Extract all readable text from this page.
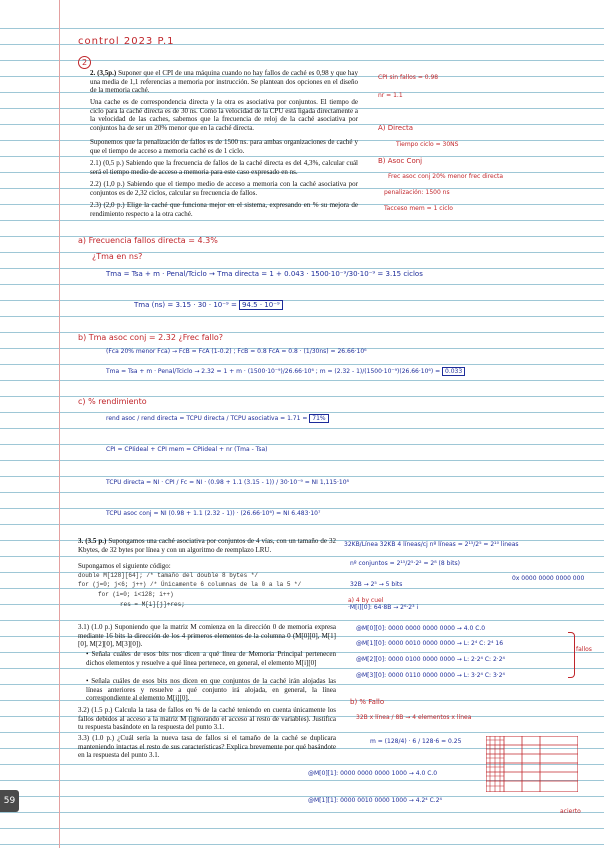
control 2023 P.1
2
2. (3,5p.) Suponer que el CPI de una máquina cuando no hay fallos de caché es 0,98 y que hay una media de 1,1 referencias a memoria por instrucción. Se plantean dos opciones en el diseño de la memoria caché.
Una cache es de correspondencia directa y la otra es asociativa por conjuntos. El tiempo de ciclo para la caché directa es de 30 ns. Como la velocidad de la CPU está ligada directamente a la velocidad de las caches, sabemos que la frecuencia de reloj de la caché asociativa por conjuntos ha de ser un 20% menor que en la caché directa.
Suponemos que la penalización de fallos es de 1500 ns. para ambas organizaciones de caché y que el tiempo de acceso a memoria caché es de 1 ciclo.
2.1) (0,5 p.) Sabiendo que la frecuencia de fallos de la caché directa es del 4,3%, calcular cuál será el tiempo medio de acceso a memoria para este caso expresado en ns.
2.2) (1,0 p.) Sabiendo que el tiempo medio de acceso a memoria con la caché asociativa por conjuntos es de 2,32 ciclos, calcular su frecuencia de fallos.
2.3) (2,0 p.) Elige la caché que funciona mejor en el sistema, expresando en % su mejora de rendimiento respecto a la otra caché.
CPI sin fallos = 0.98
nr = 1.1
A) Directa
Tiempo ciclo = 30NS
B) Asoc Conj
Frec asoc conj 20% menor frec directa
penalización: 1500 ns
Tacceso mem = 1 ciclo
a) Frecuencia fallos directa = 4.3%
¿Tma en ns?
Tma = Tsa + m · Penal/Tciclo → Tma directa = 1 + 0.043 · 1500·10⁻⁹/30·10⁻⁹ = 3.15 ciclos
Tma (ns) = 3.15 · 30 · 10⁻⁹ = 94.5 · 10⁻⁹
b) Tma asoc conj = 2.32 ¿Frec fallo?
(Fca 20% menor Fca) → FcB = FcA (1-0.2) ; FcB = 0.8 FcA = 0.8 · (1/30ns) = 26.66·10⁶
Tma = Tsa + m · Penal/Tciclo → 2.32 = 1 + m · (1500·10⁻⁹)/26.66·10⁶ ; m = (2.32 - 1)/(1500·10⁻⁹)(26.66·10⁶) = 0.033
c) % rendimiento
rend asoc / rend directa = TCPU directa / TCPU asociativa = 1.71 = 71%
CPI = CPIideal + CPI mem = CPIideal + nr (Tma - Tsa)
TCPU directa = NI · CPI / Fc = NI · (0.98 + 1.1 (3.15 - 1)) / 30·10⁻⁹ = NI 1,115·10⁸
TCPU asoc conj = NI (0.98 + 1.1 (2.32 - 1)) · (26.66·10⁶) = NI 6.483·10⁷
3. (3.5 p.) Supongamos una caché asociativa por conjuntos de 4 vías, con un tamaño de 32 Kbytes, de 32 bytes por línea y con un algoritmo de reemplazo LRU.
Supongamos el siguiente código:
double M[128][64]; /* tamaño del double 8 bytes */
for (j=0; j<6; j++) /* Únicamente 6 columnas de la 0 a la 5 */
for (i=0; i<128; i++)
res = M[i][j]+res;
3.1) (1.0 p.) Suponiendo que la matriz M comienza en la dirección 0 de memoria expresa mediante 16 bits la dirección de los 4 primeros elementos de la columna 0 (M[0][0], M[1][0], M[2][0], M[3][0]).
• Señala cuáles de esos bits nos dicen a qué línea de Memoria Principal pertenecen dichos elementos y resuelve a qué línea pertenece, en general, el elemento M[i][0]
• Señala cuáles de esos bits nos dicen en que conjuntos de la caché irán alojadas las líneas anteriores y resuelve a qué conjunto irá alojada, en general, la línea correspondiente al elemento M[i][0].
3.2) (1.5 p.) Calcula la tasa de fallos en % de la caché teniendo en cuenta únicamente los fallos debidos al acceso a la matriz M (ignorando el acceso al resto de variables). Justifica tu respuesta basándote en la respuesta del punto 3.1.
3.3) (1.0 p.) ¿Cuál sería la nueva tasa de fallos si el tamaño de la caché se duplicara manteniendo intactas el resto de sus características? Explica brevemente por qué basándote en la respuesta del punto 3.1.
32KB/Línea 32KB 4 líneas/cj nº líneas = 2¹⁵/2⁵ = 2¹⁰ lineas
nº conjuntos = 2¹⁵/2⁵·2² = 2⁸ (8 bits)
32B → 2⁵ → 5 bits
0x 0000 0000 0000 000
a) 4 by cuel
·M[i][0]: 64·8B → 2⁶·2³ i
@M[0][0]: 0000 0000 0000 0000 → 4.0 C.0
@M[1][0]: 0000 0010 0000 0000 → L: 2⁴ C: 2⁴ 16
@M[2][0]: 0000 0100 0000 0000 → L: 2·2⁴ C: 2·2⁴
@M[3][0]: 0000 0110 0000 0000 → L: 3·2⁴ C: 3·2⁴
fallos
b) % Fallo
32B x línea / 8B → 4 elementos x línea
m = (128/4) · 6 / 128·6 = 0.25
@M[0][1]: 0000 0000 0000 1000 → 4.0 C.0
@M[1][1]: 0000 0010 0000 1000 → 4.2⁴ C.2⁴
acierto
59
